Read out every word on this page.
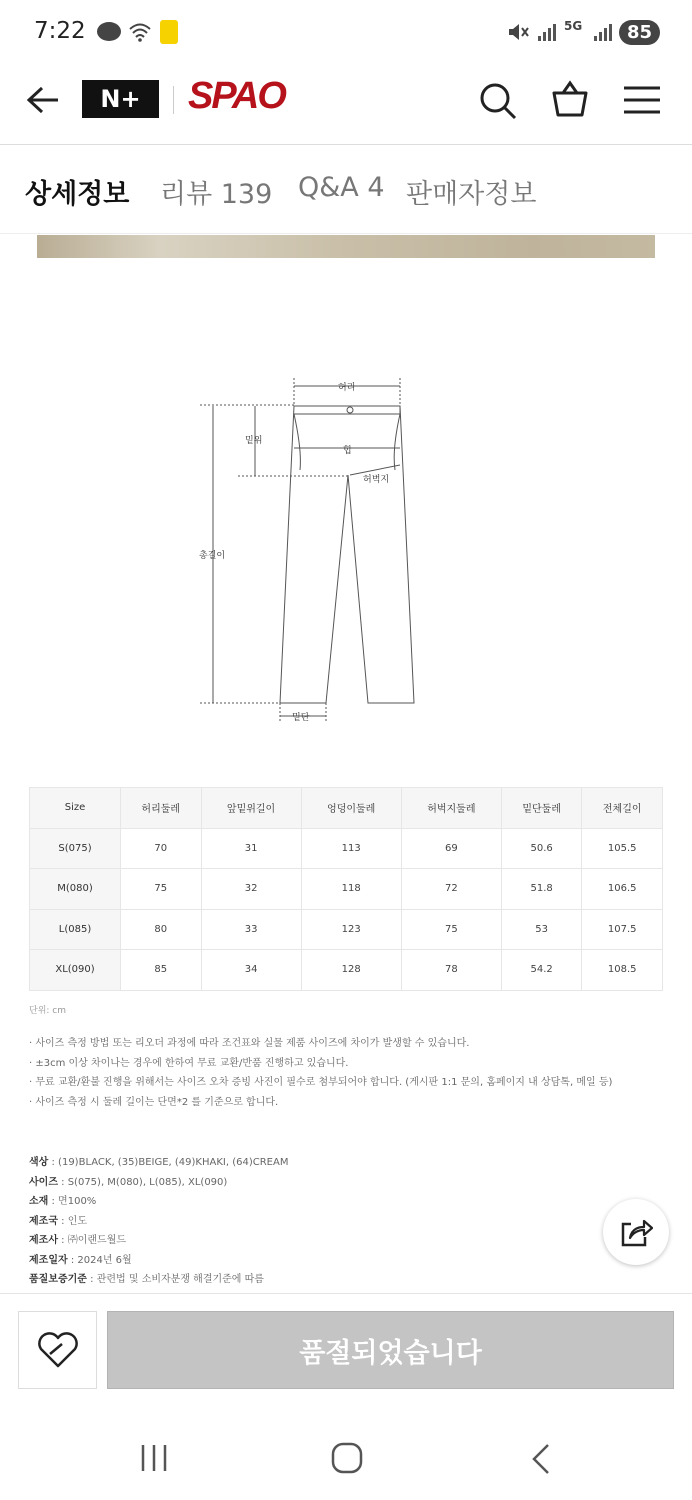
7:22	5G	85
N+	SPAO
상세정보 리뷰 139 Q&A 4 판매자정보
허리
밑위
힙
허벅지
총길이
밑단
Size	허리둘레	앞밑위길이	엉덩이둘레	허벅지둘레	밑단둘레	전체길이
S(075)	70	31	113	69	50.6	105.5
M(080)	75	32	118	72	51.8	106.5
L(085)	80	33	123	75	53	107.5
XL(090)	85	34	128	78	54.2	108.5
단위: cm
· 사이즈 측정 방법 또는 리오더 과정에 따라 조건표와 실물 제품 사이즈에 차이가 발생할 수 있습니다.
· ±3cm 이상 차이나는 경우에 한하여 무료 교환/반품 진행하고 있습니다.
· 무료 교환/환불 진행을 위해서는 사이즈 오차 증빙 사진이 필수로 첨부되어야 합니다. (게시판 1:1 문의, 홈페이지 내 상담톡, 메일 등)
· 사이즈 측정 시 둘레 길이는 단면*2 를 기준으로 합니다.
색상 : (19)BLACK, (35)BEIGE, (49)KHAKI, (64)CREAM
사이즈 : S(075), M(080), L(085), XL(090)
소재 : 면100%
제조국 : 인도
제조사 : ㈜이랜드월드
제조일자 : 2024년 6월
품질보증기준 : 관련법 및 소비자분쟁 해결기준에 따름
품절되었습니다
